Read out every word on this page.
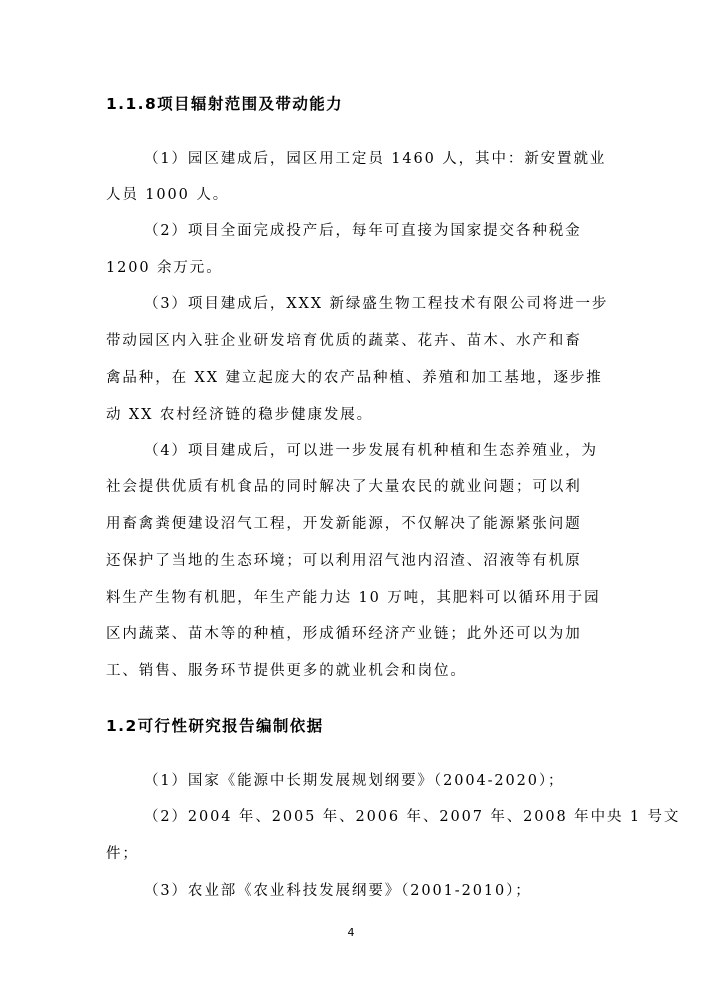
1.1.8项目辐射范围及带动能力
（1）园区建成后，园区用工定员 1460 人，其中：新安置就业
人员 1000 人。
（2）项目全面完成投产后，每年可直接为国家提交各种税金
1200 余万元。
（3）项目建成后，XXX 新绿盛生物工程技术有限公司将进一步
带动园区内入驻企业研发培育优质的蔬菜、花卉、苗木、水产和畜
禽品种，在 XX 建立起庞大的农产品种植、养殖和加工基地，逐步推
动 XX 农村经济链的稳步健康发展。
（4）项目建成后，可以进一步发展有机种植和生态养殖业，为
社会提供优质有机食品的同时解决了大量农民的就业问题；可以利
用畜禽粪便建设沼气工程，开发新能源，不仅解决了能源紧张问题
还保护了当地的生态环境；可以利用沼气池内沼渣、沼液等有机原
料生产生物有机肥，年生产能力达 10 万吨，其肥料可以循环用于园
区内蔬菜、苗木等的种植，形成循环经济产业链；此外还可以为加
工、销售、服务环节提供更多的就业机会和岗位。
1.2可行性研究报告编制依据
（1）国家《能源中长期发展规划纲要》（2004-2020）；
（2）2004 年、2005 年、2006 年、2007 年、2008 年中央 1 号文
件；
（3）农业部《农业科技发展纲要》（2001-2010）；
4
